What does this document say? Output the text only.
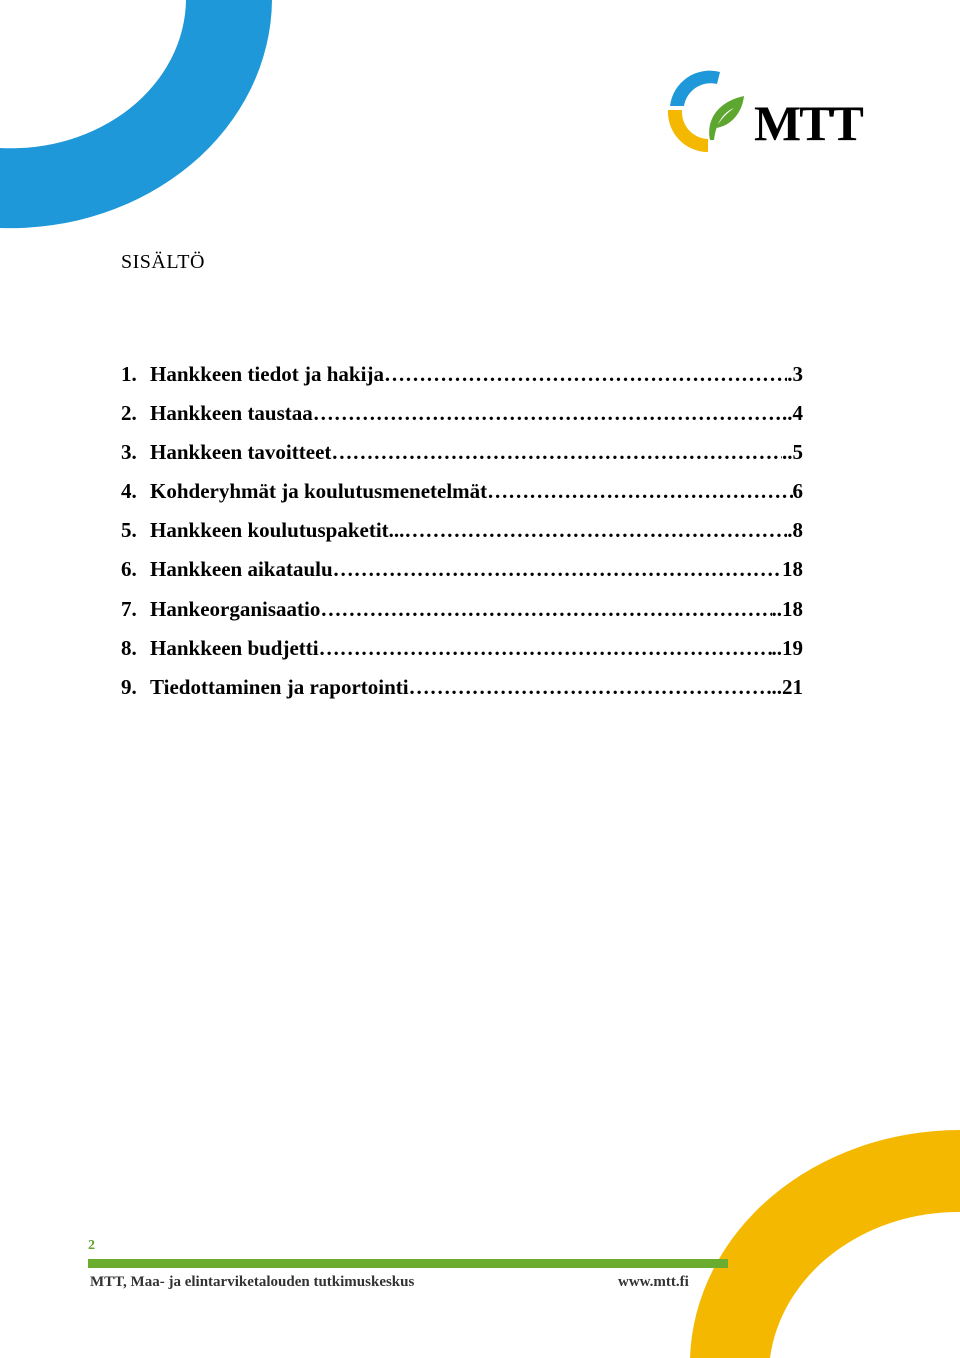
MTT
SISÄLTÖ
1. Hankkeen tiedot ja hakija ……………………………………………………………………………………………………………………………	.3
2. Hankkeen taustaa ……………………………………………………………………………………………………………………………	..4
3. Hankkeen tavoitteet ……………………………………………………………………………………………………………………………	..5
4. Kohderyhmät ja koulutusmenetelmät ……………………………………………………………………………………………………………………………	6
5. Hankkeen koulutuspaketit... ……………………………………………………………………………………………………………………………	.8
6. Hankkeen aikataulu ……………………………………………………………………………………………………………………………	18
7. Hankeorganisaatio ……………………………………………………………………………………………………………………………	..18
8. Hankkeen budjetti ……………………………………………………………………………………………………………………………	..19
9. Tiedottaminen ja raportointi ……………………………………………………………………………………………………………………………	..21
2
MTT, Maa- ja elintarviketalouden tutkimuskeskus	www.mtt.fi
